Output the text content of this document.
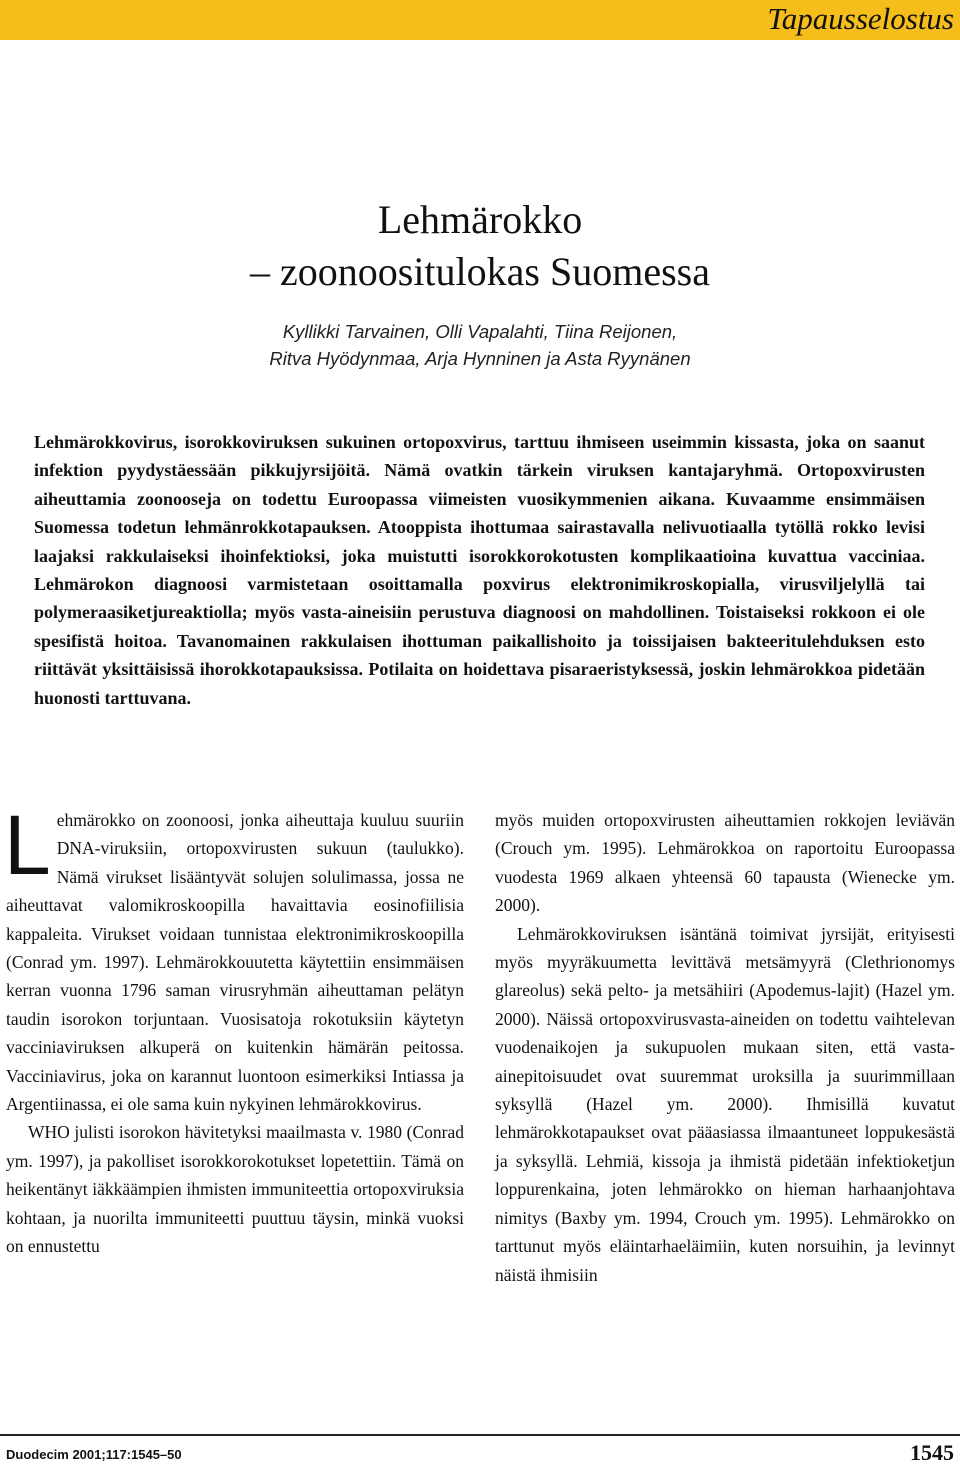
Tapausselostus
Lehmärokko
– zoonoositulokas Suomessa
Kyllikki Tarvainen, Olli Vapalahti, Tiina Reijonen,
Ritva Hyödynmaa, Arja Hynninen ja Asta Ryynänen

Lehmärokkovirus, isorokkoviruksen sukuinen ortopoxvirus, tarttuu ihmiseen useimmin kissasta, joka on saanut infektion pyydystäessään pikkujyrsijöitä. Nämä ovatkin tärkein viruksen kantajaryhmä. Ortopoxvirusten aiheuttamia zoonooseja on todettu Euroopassa viimeisten vuosikymmenien aikana. Kuvaamme ensimmäisen Suomessa todetun lehmänrokkotapauksen. Atooppista ihottumaa sairastavalla nelivuotiaalla tytöllä rokko levisi laajaksi rakkulaiseksi ihoinfektioksi, joka muistutti isorokkorokotusten komplikaatioina kuvattua vacciniaa. Lehmärokon diagnoosi varmistetaan osoittamalla poxvirus elektronimikroskopialla, virusviljelyllä tai polymeraasiketjureaktiolla; myös vasta-aineisiin perustuva diagnoosi on mahdollinen. Toistaiseksi rokkoon ei ole spesifistä hoitoa. Tavanomainen rakkulaisen ihottuman paikallishoito ja toissijaisen bakteeritulehduksen esto riittävät yksittäisissä ihorokkotapauksissa. Potilaita on hoidettava pisaraeristyksessä, joskin lehmärokkoa pidetään huonosti tarttuvana.

Lehmärokko on zoonoosi, jonka aiheuttaja kuuluu suuriin DNA-viruksiin, ortopoxvirusten sukuun (taulukko). Nämä virukset lisääntyvät solujen solulimassa, jossa ne aiheuttavat valomikroskoopilla havaittavia eosinofiilisia kappaleita. Virukset voidaan tunnistaa elektronimikroskoopilla (Conrad ym. 1997). Lehmärokkouutetta käytettiin ensimmäisen kerran vuonna 1796 saman virusryhmän aiheuttaman pelätyn taudin isorokon torjuntaan. Vuosisatoja rokotuksiin käytetyn vacciniaviruksen alkuperä on kuitenkin hämärän peitossa. Vacciniavirus, joka on karannut luontoon esimerkiksi Intiassa ja Argentiinassa, ei ole sama kuin nykyinen lehmärokkovirus.

WHO julisti isorokon hävitetyksi maailmasta v. 1980 (Conrad ym. 1997), ja pakolliset isorokkorokotukset lopetettiin. Tämä on heikentänyt iäkkäämpien ihmisten immuniteettia ortopoxviruksia kohtaan, ja nuorilta immuniteetti puuttuu täysin, minkä vuoksi on ennustettu

myös muiden ortopoxvirusten aiheuttamien rokkojen leviävän (Crouch ym. 1995). Lehmärokkoa on raportoitu Euroopassa vuodesta 1969 alkaen yhteensä 60 tapausta (Wienecke ym. 2000).

Lehmärokkoviruksen isäntänä toimivat jyrsijät, erityisesti myös myyräkuumetta levittävä metsämyyrä (Clethrionomys glareolus) sekä pelto- ja metsähiiri (Apodemus-lajit) (Hazel ym. 2000). Näissä ortopoxvirusvasta-aineiden on todettu vaihtelevan vuodenaikojen ja sukupuolen mukaan siten, että vasta-ainepitoisuudet ovat suuremmat uroksilla ja suurimmillaan syksyllä (Hazel ym. 2000). Ihmisillä kuvatut lehmärokkotapaukset ovat pääasiassa ilmaantuneet loppukesästä ja syksyllä. Lehmiä, kissoja ja ihmistä pidetään infektioketjun loppurenkaina, joten lehmärokko on hieman harhaanjohtava nimitys (Baxby ym. 1994, Crouch ym. 1995). Lehmärokko on tarttunut myös eläintarhaeläimiin, kuten norsuihin, ja levinnyt näistä ihmisiin

Duodecim 2001;117:1545–50	1545
